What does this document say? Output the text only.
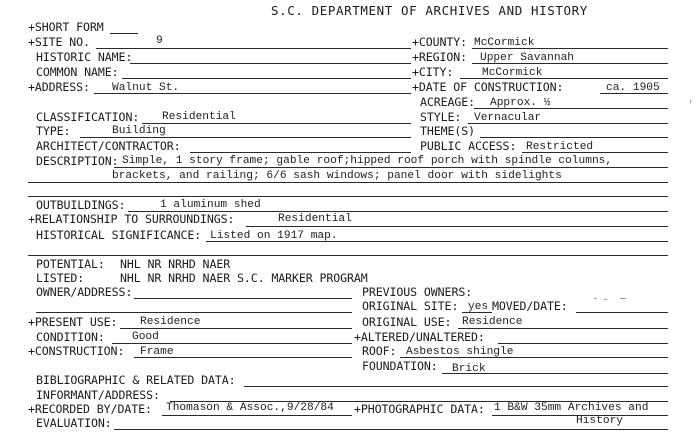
S.C. DEPARTMENT OF ARCHIVES AND HISTORY
+SHORT FORM
+SITE NO.	9	+COUNTY: McCormick
HISTORIC NAME:	+REGION: Upper Savannah
COMMON NAME:	+CITY:	McCormick
+ADDRESS: Walnut St.	+DATE OF CONSTRUCTION:	ca. 1905
ACREAGE: Approx. ½
CLASSIFICATION: Residential	STYLE: Vernacular
TYPE:	Building	THEME(S)
ARCHITECT/CONTRACTOR:	PUBLIC ACCESS: Restricted
DESCRIPTION: Simple, 1 story frame; gable roof;hipped roof porch with spindle columns,
brackets, and railing; 6/6 sash windows; panel door with sidelights
OUTBUILDINGS:	1 aluminum shed
+RELATIONSHIP TO SURROUNDINGS:	Residential
HISTORICAL SIGNIFICANCE: Listed on 1917 map.
POTENTIAL: NHL NR NRHD NAER
LISTED:	NHL NR NRHD NAER S.C. MARKER PROGRAM
OWNER/ADDRESS:	PREVIOUS OWNERS:
ORIGINAL SITE: yes MOVED/DATE:
+PRESENT USE: Residence	ORIGINAL USE: Residence
CONDITION: Good	+ALTERED/UNALTERED:
+CONSTRUCTION: Frame	ROOF: Asbestos shingle
FOUNDATION: Brick
BIBLIOGRAPHIC & RELATED DATA:
INFORMANT/ADDRESS:
+RECORDED BY/DATE: Thomason & Assoc.,9/28/84 +PHOTOGRAPHIC DATA: 1 B&W 35mm Archives and
History
EVALUATION:
